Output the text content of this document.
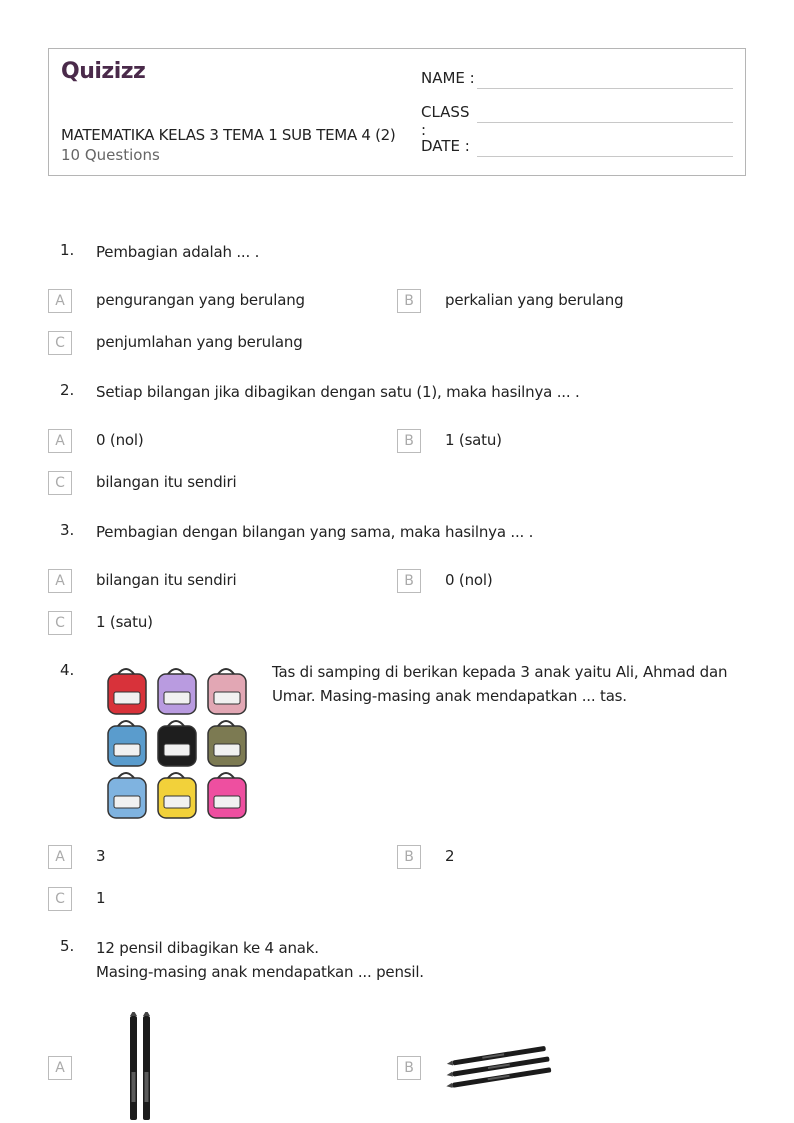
Quizizz
MATEMATIKA KELAS 3 TEMA 1 SUB TEMA 4 (2)
10 Questions
NAME :
CLASS :
DATE :
1. Pembagian adalah ... .
A	pengurangan yang berulang	B	perkalian yang berulang
C	penjumlahan yang berulang
2. Setiap bilangan jika dibagikan dengan satu (1), maka hasilnya ... .
A	0 (nol)	B	1 (satu)
C	bilangan itu sendiri
3. Pembagian dengan bilangan yang sama, maka hasilnya ... .
A	bilangan itu sendiri	B	0 (nol)
C	1 (satu)
4.	Tas di samping di berikan kepada 3 anak yaitu Ali, Ahmad dan
Umar. Masing-masing anak mendapatkan ... tas.
A	3	B	2
C	1
5. 12 pensil dibagikan ke 4 anak.
Masing-masing anak mendapatkan ... pensil.
A	B
